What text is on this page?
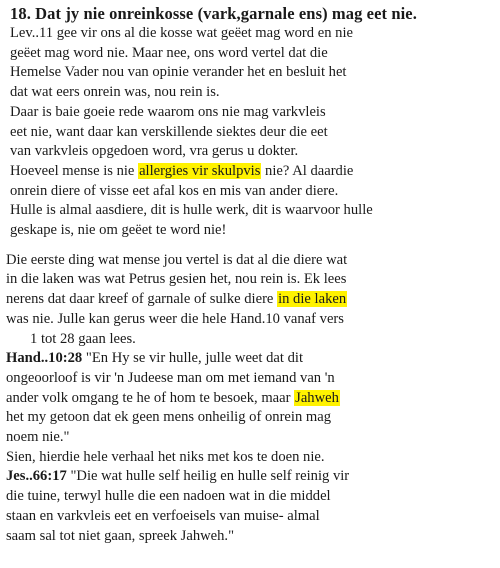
18. Dat jy nie onreinkosse (vark,garnale ens) mag eet nie.

Lev..11 gee vir ons al die kosse wat geëet mag word en nie
geëet mag word nie. Maar nee, ons word vertel dat die
Hemelse Vader nou van opinie verander het en besluit het
dat wat eers onrein was, nou rein is.
Daar is baie goeie rede waarom ons nie mag varkvleis
eet nie, want daar kan verskillende siektes deur die eet
van varkvleis opgedoen word, vra gerus u dokter.
Hoeveel mense is nie allergies vir skulpvis nie? Al daardie
onrein diere of visse eet afal kos en mis van ander diere.
Hulle is almal aasdiere, dit is hulle werk, dit is waarvoor hulle
geskape is, nie om geëet te word nie!

Die eerste ding wat mense jou vertel is dat al die diere wat
in die laken was wat Petrus gesien het, nou rein is. Ek lees
nerens dat daar kreef of garnale of sulke diere in die laken
was nie. Julle kan gerus weer die hele Hand.10 vanaf vers
1 tot 28 gaan lees.
Hand..10:28 "En Hy se vir hulle, julle weet dat dit
ongeoorloof is vir 'n Judeese man om met iemand van 'n
ander volk omgang te he of hom te besoek, maar Jahweh
het my getoon dat ek geen mens onheilig of onrein mag
noem nie."
Sien, hierdie hele verhaal het niks met kos te doen nie.
Jes..66:17 "Die wat hulle self heilig en hulle self reinig vir
die tuine, terwyl hulle die een nadoen wat in die middel
staan en varkvleis eet en verfoeisels van muise- almal
saam sal tot niet gaan, spreek Jahweh."
